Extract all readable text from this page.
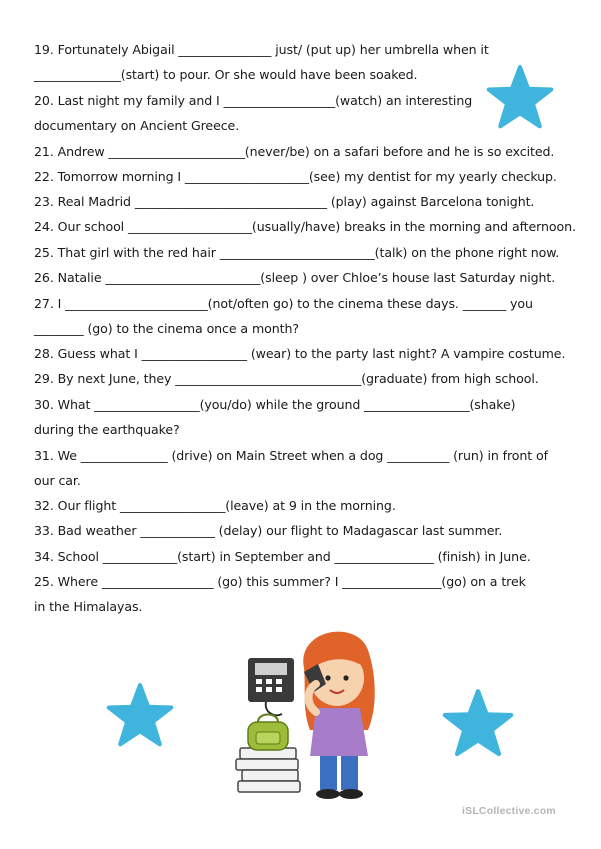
19. Fortunately Abigail _______________ just/ (put up) her umbrella when it
______________(start) to pour. Or she would have been soaked.
20. Last night my family and I __________________(watch) an interesting
documentary on Ancient Greece.
21. Andrew ______________________(never/be) on a safari before and he is so excited.
22. Tomorrow morning I ____________________(see) my dentist for my yearly checkup.
23. Real Madrid _______________________________ (play) against Barcelona tonight.
24. Our school ____________________(usually/have) breaks in the morning and afternoon.
25. That girl with the red hair _________________________(talk) on the phone right now.
26. Natalie _________________________(sleep ) over Chloe’s house last Saturday night.
27. I _______________________(not/often go) to the cinema these days. _______ you
________ (go) to the cinema once a month?
28. Guess what I _________________ (wear) to the party last night? A vampire costume.
29. By next June, they ______________________________(graduate) from high school.
30. What _________________(you/do) while the ground _________________(shake)
during the earthquake?
31. We ______________ (drive) on Main Street when a dog __________ (run) in front of
our car.
32. Our flight _________________(leave) at 9 in the morning.
33. Bad weather ____________ (delay) our flight to Madagascar last summer.
34. School ____________(start) in September and ________________ (finish) in June.
25. Where __________________ (go) this summer? I ________________(go) on a trek
in the Himalayas.
iSLCollective.com
